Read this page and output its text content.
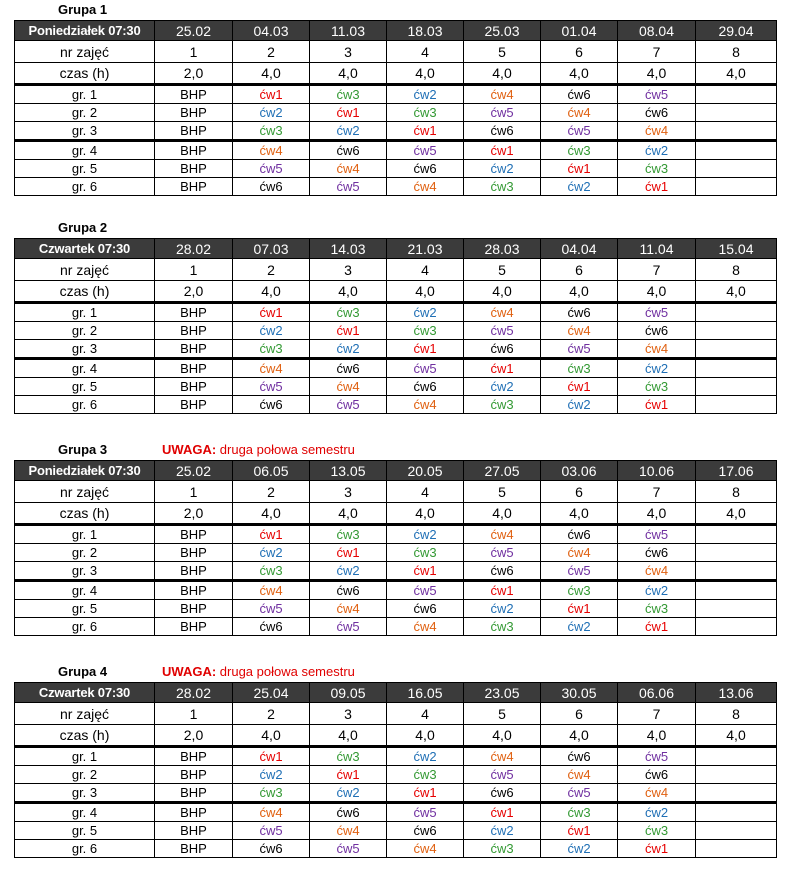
Grupa 1
Poniedziałek 07:30	25.02	04.03	11.03	18.03	25.03	01.04	08.04	29.04
nr zajęć	1	2	3	4	5	6	7	8
czas (h)	2,0	4,0	4,0	4,0	4,0	4,0	4,0	4,0
gr. 1	BHP	ćw1	ćw3	ćw2	ćw4	ćw6	ćw5	
gr. 2	BHP	ćw2	ćw1	ćw3	ćw5	ćw4	ćw6	
gr. 3	BHP	ćw3	ćw2	ćw1	ćw6	ćw5	ćw4	
gr. 4	BHP	ćw4	ćw6	ćw5	ćw1	ćw3	ćw2	
gr. 5	BHP	ćw5	ćw4	ćw6	ćw2	ćw1	ćw3	
gr. 6	BHP	ćw6	ćw5	ćw4	ćw3	ćw2	ćw1	
Grupa 2
Czwartek 07:30	28.02	07.03	14.03	21.03	28.03	04.04	11.04	15.04
nr zajęć	1	2	3	4	5	6	7	8
czas (h)	2,0	4,0	4,0	4,0	4,0	4,0	4,0	4,0
gr. 1	BHP	ćw1	ćw3	ćw2	ćw4	ćw6	ćw5	
gr. 2	BHP	ćw2	ćw1	ćw3	ćw5	ćw4	ćw6	
gr. 3	BHP	ćw3	ćw2	ćw1	ćw6	ćw5	ćw4	
gr. 4	BHP	ćw4	ćw6	ćw5	ćw1	ćw3	ćw2	
gr. 5	BHP	ćw5	ćw4	ćw6	ćw2	ćw1	ćw3	
gr. 6	BHP	ćw6	ćw5	ćw4	ćw3	ćw2	ćw1	
Grupa 3	UWAGA: druga połowa semestru
Poniedziałek 07:30	25.02	06.05	13.05	20.05	27.05	03.06	10.06	17.06
nr zajęć	1	2	3	4	5	6	7	8
czas (h)	2,0	4,0	4,0	4,0	4,0	4,0	4,0	4,0
gr. 1	BHP	ćw1	ćw3	ćw2	ćw4	ćw6	ćw5	
gr. 2	BHP	ćw2	ćw1	ćw3	ćw5	ćw4	ćw6	
gr. 3	BHP	ćw3	ćw2	ćw1	ćw6	ćw5	ćw4	
gr. 4	BHP	ćw4	ćw6	ćw5	ćw1	ćw3	ćw2	
gr. 5	BHP	ćw5	ćw4	ćw6	ćw2	ćw1	ćw3	
gr. 6	BHP	ćw6	ćw5	ćw4	ćw3	ćw2	ćw1	
Grupa 4	UWAGA: druga połowa semestru
Czwartek 07:30	28.02	25.04	09.05	16.05	23.05	30.05	06.06	13.06
nr zajęć	1	2	3	4	5	6	7	8
czas (h)	2,0	4,0	4,0	4,0	4,0	4,0	4,0	4,0
gr. 1	BHP	ćw1	ćw3	ćw2	ćw4	ćw6	ćw5	
gr. 2	BHP	ćw2	ćw1	ćw3	ćw5	ćw4	ćw6	
gr. 3	BHP	ćw3	ćw2	ćw1	ćw6	ćw5	ćw4	
gr. 4	BHP	ćw4	ćw6	ćw5	ćw1	ćw3	ćw2	
gr. 5	BHP	ćw5	ćw4	ćw6	ćw2	ćw1	ćw3	
gr. 6	BHP	ćw6	ćw5	ćw4	ćw3	ćw2	ćw1	
